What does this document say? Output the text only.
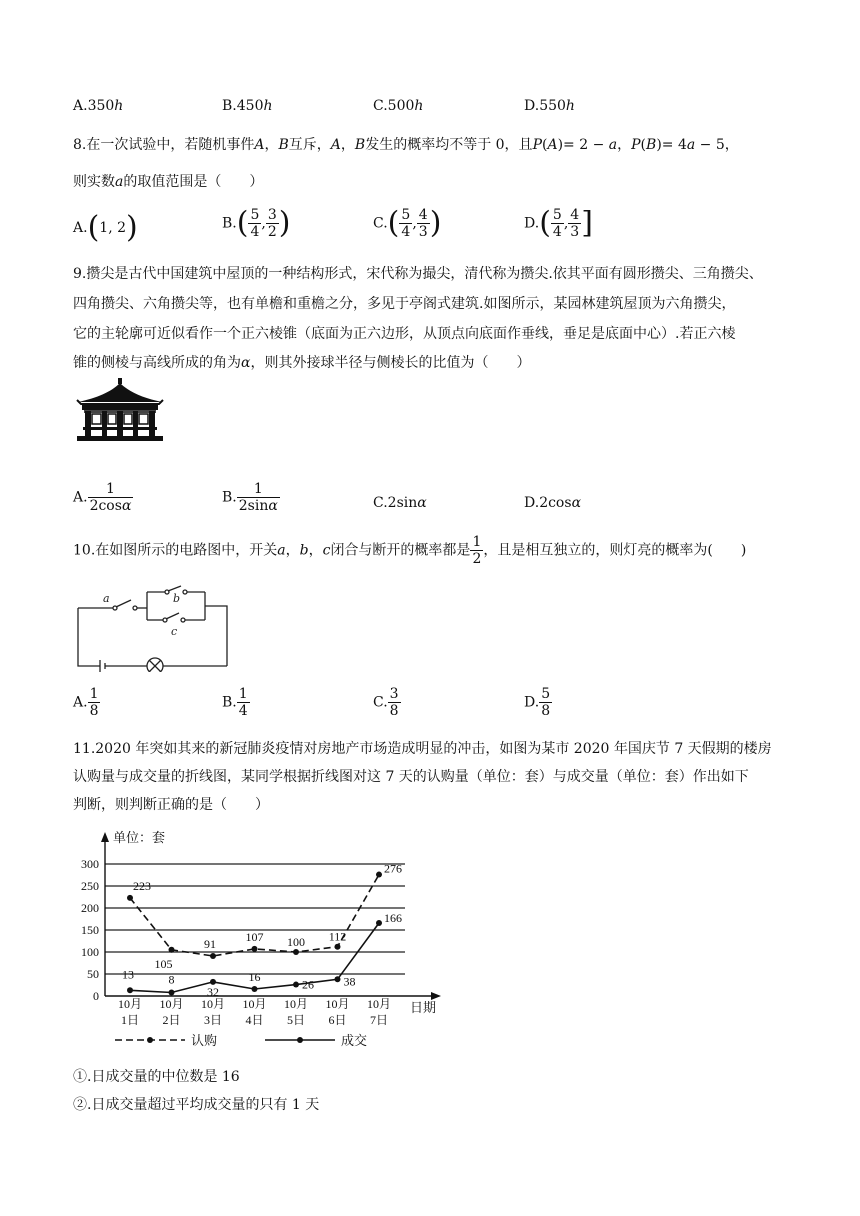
A.350h	B.450h	C.500h	D.550h
8.在一次试验中，若随机事件A，B互斥，A，B发生的概率均不等于 0，且P(A)= 2 − a，P(B)= 4a − 5，
则实数a的取值范围是（　　）
A.(1, 2)	$B.( \frac{5}{4}$ , $\frac{3}{2}$ )	$C.( \frac{5}{4}$ , $\frac{4}{3}$ )	$D.( \frac{5}{4}$ , $\frac{4}{3}$ ]
9.攒尖是古代中国建筑中屋顶的一种结构形式，宋代称为撮尖，清代称为攒尖.依其平面有圆形攒尖、三角攒尖、
四角攒尖、六角攒尖等，也有单檐和重檐之分，多见于亭阁式建筑.如图所示，某园林建筑屋顶为六角攒尖，
它的主轮廓可近似看作一个正六棱锥（底面为正六边形，从顶点向底面作垂线，垂足是底面中心）.若正六棱
锥的侧棱与高线所成的角为α，则其外接球半径与侧棱长的比值为（　　）
A. $\frac{1}{2\cos\alpha}$	B. $\frac{1}{2\sin\alpha}$	C.2sinα	D.2cosα
10.在如图所示的电路图中，开关a，b，c闭合与断开的概率都是 $\frac{1}{2}$ ，且是相互独立的，则灯亮的概率为(　　)
a	b
c
A. $\frac{1}{8}$	B. $\frac{1}{4}$	C. $\frac{3}{8}$	D. $\frac{5}{8}$
11.2020 年突如其来的新冠肺炎疫情对房地产市场造成明显的冲击，如图为某市 2020 年国庆节 7 天假期的楼房
认购量与成交量的折线图，某同学根据折线图对这 7 天的认购量（单位：套）与成交量（单位：套）作出如下
判断，则判断正确的是（　　）
0
50
100
150
200
250
300
单位：套
日期
10月
1日
10月
2日
10月
3日
10月
4日
10月
5日
10月
6日
10月
7日
223
105
91
107 100 112
276
13	8
32
16
26 38
166
认购	成交
①.日成交量的中位数是 16
②.日成交量超过平均成交量的只有 1 天
